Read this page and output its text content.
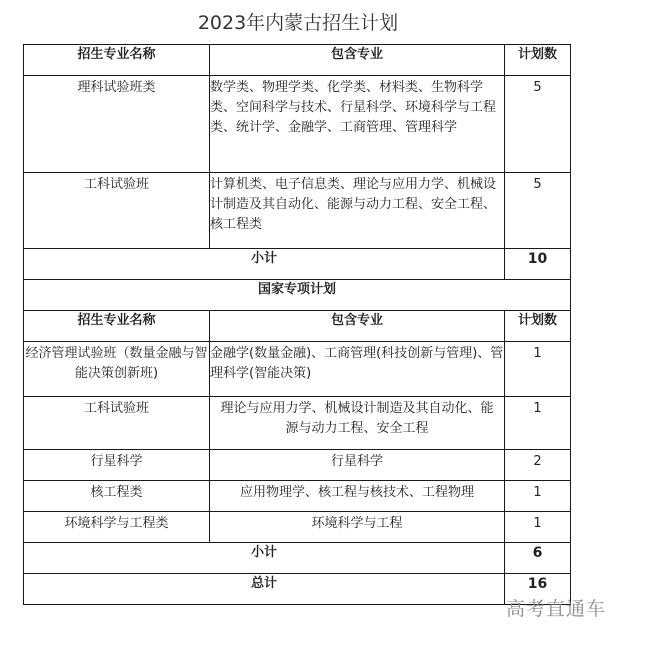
2023年内蒙古招生计划
招生专业名称	包含专业	计划数
理科试验班类	数学类、物理学类、化学类、材料类、生物科学类、空间科学与技术、行星科学、环境科学与工程类、统计学、金融学、工商管理、管理科学	5
工科试验班	计算机类、电子信息类、理论与应用力学、机械设计制造及其自动化、能源与动力工程、安全工程、核工程类	5
小计		10
国家专项计划		
招生专业名称	包含专业	计划数
经济管理试验班（数量金融与智能决策创新班)	金融学(数量金融)、工商管理(科技创新与管理)、管理科学(智能决策)	1
工科试验班	理论与应用力学、机械设计制造及其自动化、能源与动力工程、安全工程	1
行星科学	行星科学	2
核工程类	应用物理学、核工程与核技术、工程物理	1
环境科学与工程类	环境科学与工程	1
小计		6
总计		16
高考直通车
